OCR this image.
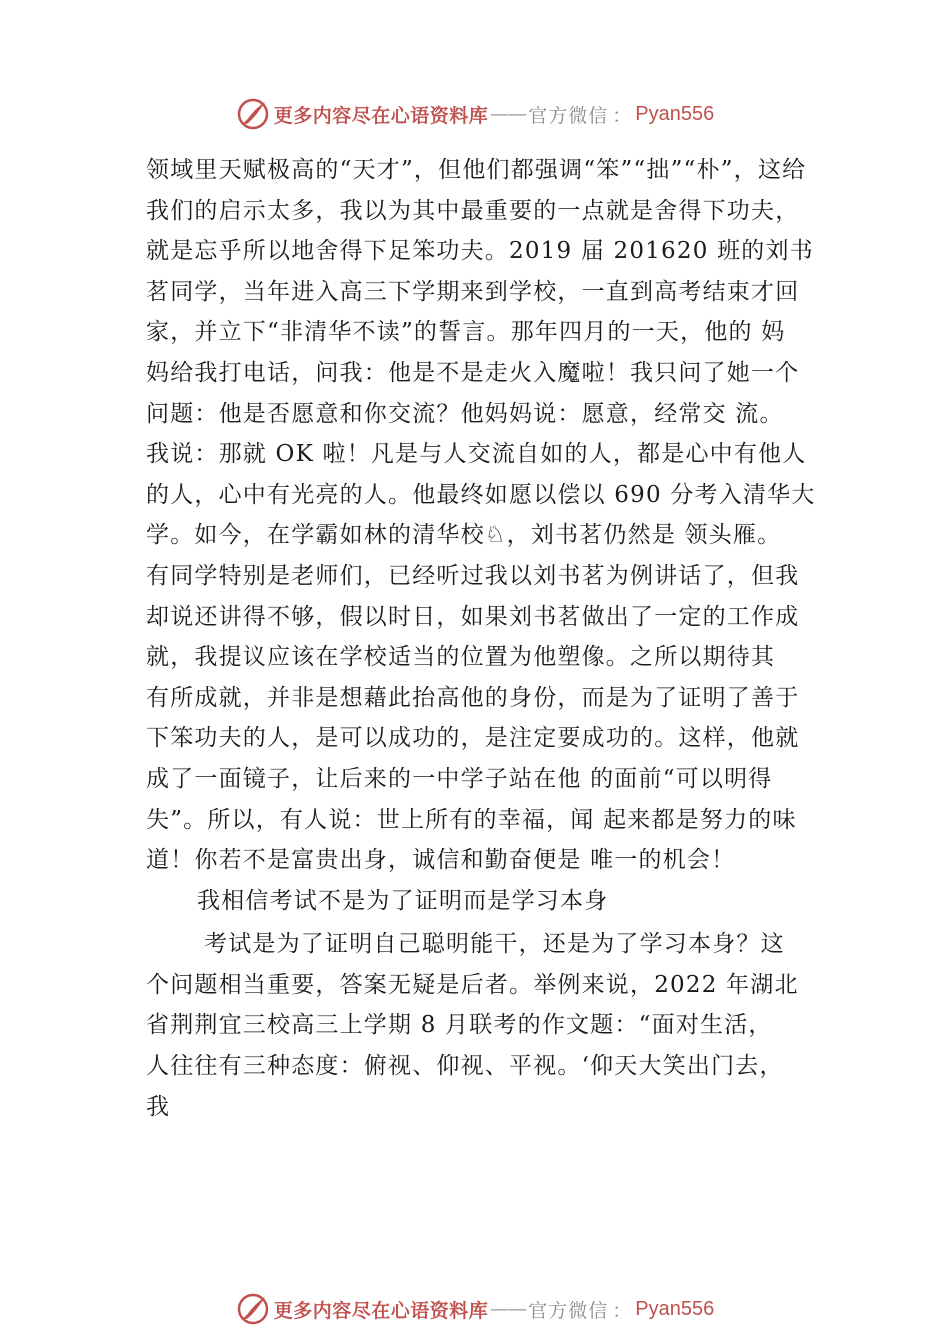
更多内容尽在心语资料库 —— 官方微信 ： Pyan556
领域里天赋极高的“天才”，但他们都强调“笨”“拙”“朴”，这给
我们的启示太多，我以为其中最重要的一点就是舍得下功夫，
就是忘乎所以地舍得下足笨功夫。2019 届 201620 班的刘书
茗同学，当年进入高三下学期来到学校，一直到高考结束才回
家，并立下“非清华不读”的誓言。那年四月的一天，他的 妈
妈给我打电话，问我：他是不是走火入魔啦！我只问了她一个
问题：他是否愿意和你交流？他妈妈说：愿意，经常交 流。
我说：那就 OK 啦！凡是与人交流自如的人，都是心中有他人
的人，心中有光亮的人。他最终如愿以偿以 690 分考入清华大
学。如今，在学霸如林的清华校♘，刘书茗仍然是 领头雁。
有同学特别是老师们，已经听过我以刘书茗为例讲话了，但我
却说还讲得不够，假以时日，如果刘书茗做出了一定的工作成
就，我提议应该在学校适当的位置为他塑像。之所以期待其
有所成就，并非是想藉此抬高他的身份，而是为了证明了善于
下笨功夫的人，是可以成功的，是注定要成功的。这样，他就
成了一面镜子，让后来的一中学子站在他 的面前“可以明得
失”。所以，有人说：世上所有的幸福，闻 起来都是努力的味
道！你若不是富贵出身，诚信和勤奋便是 唯一的机会！
我相信考试不是为了证明而是学习本身
考试是为了证明自己聪明能干，还是为了学习本身？这
个问题相当重要，答案无疑是后者。举例来说，2022 年湖北
省荆荆宜三校高三上学期 8 月联考的作文题：“面对生活，
人往往有三种态度：俯视、仰视、平视。‘仰天大笑出门去，
我
更多内容尽在心语资料库 —— 官方微信 ： Pyan556
